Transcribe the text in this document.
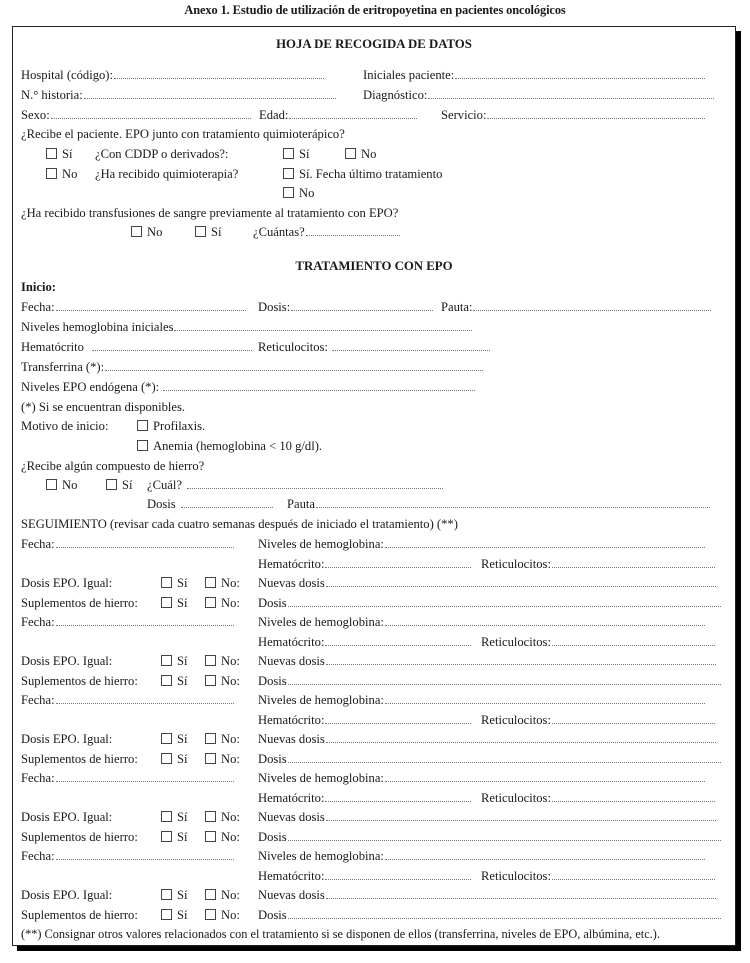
Anexo 1. Estudio de utilización de eritropoyetina en pacientes oncológicos
HOJA DE RECOGIDA DE DATOS
Hospital (código):	Iniciales paciente:
N.° historia:	Diagnóstico:
Sexo:	Edad:	Servicio:
¿Recibe el paciente. EPO junto con tratamiento quimioterápico?
Sí ¿Con CDDP o derivados?:	Sí	No
No ¿Ha recibido quimioterapia?	Sí. Fecha último tratamiento
No
¿Ha recibido transfusiones de sangre previamente al tratamiento con EPO?
No	Sí ¿Cuántas?
TRATAMIENTO CON EPO
Inicio:
Fecha:	Dosis:	Pauta:
Niveles hemoglobina iniciales
Hematócrito	Reticulocitos:
Transferrina (*):
Niveles EPO endógena (*):
(*) Si se encuentran disponibles.
Motivo de inicio:	Profilaxis.
Anemia (hemoglobina < 10 g/dl).
¿Recibe algún compuesto de hierro?
No	Sí ¿Cuál?
Dosis	Pauta
SEGUIMIENTO (revisar cada cuatro semanas después de iniciado el tratamiento) (**)
Fecha:	Niveles de hemoglobina:
Hematócrito:	Reticulocitos:
Dosis EPO. Igual:	Sí	No: Nuevas dosis
Suplementos de hierro:	Sí	No: Dosis
Fecha:	Niveles de hemoglobina:
Hematócrito:	Reticulocitos:
Dosis EPO. Igual:	Sí	No: Nuevas dosis
Suplementos de hierro:	Sí	No: Dosis
Fecha:	Niveles de hemoglobina:
Hematócrito:	Reticulocitos:
Dosis EPO. Igual:	Sí	No: Nuevas dosis
Suplementos de hierro:	Sí	No: Dosis
Fecha:	Niveles de hemoglobina:
Hematócrito:	Reticulocitos:
Dosis EPO. Igual:	Sí	No: Nuevas dosis
Suplementos de hierro:	Sí	No: Dosis
Fecha:	Niveles de hemoglobina:
Hematócrito:	Reticulocitos:
Dosis EPO. Igual:	Sí	No: Nuevas dosis
Suplementos de hierro:	Sí	No: Dosis
(**) Consignar otros valores relacionados con el tratamiento si se disponen de ellos (transferrina, niveles de EPO, albúmina, etc.).
